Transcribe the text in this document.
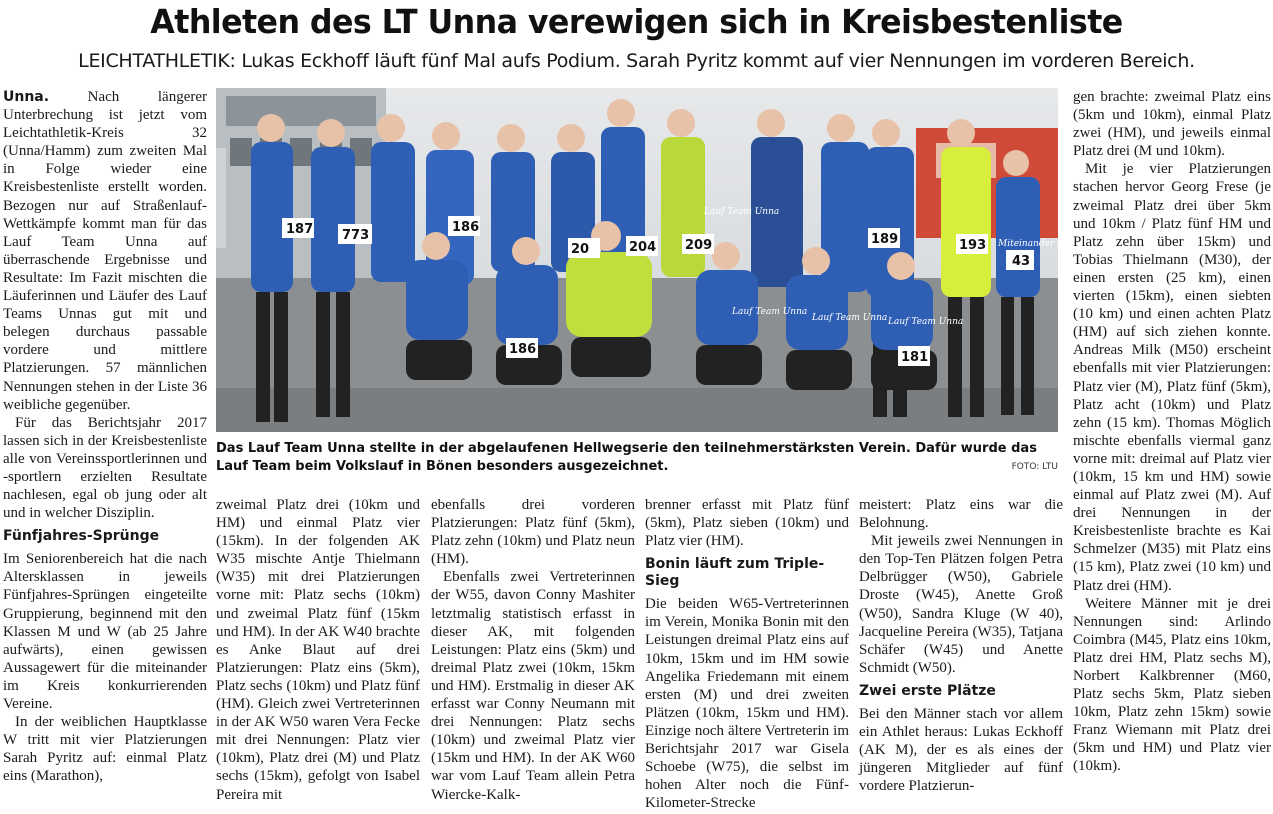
Athleten des LT Unna verewigen sich in Kreisbestenliste
LEICHTATHLETIK: Lukas Eckhoff läuft fünf Mal aufs Podium. Sarah Pyritz kommt auf vier Nennungen im vorderen Bereich.

Unna.	Nach längerer Unterbrechung ist jetzt vom Leichtathletik-Kreis 32 (Unna/Hamm) zum zweiten Mal in Folge wieder eine Kreisbestenliste erstellt worden. Bezogen nur auf Straßenlauf-Wettkämpfe kommt man für das Lauf Team Unna auf überraschende Ergebnisse und Resultate: Im Fazit mischten die Läuferinnen und Läufer des Lauf Teams Unnas gut mit und belegen durchaus passable vordere und mittlere Platzierungen. 57 männlichen Nennungen stehen in der Liste 36 weibliche gegenüber.

Für das Berichtsjahr 2017 lassen sich in der Kreisbestenliste alle von Vereinssportlerinnen und -sportlern erzielten Resultate nachlesen, egal ob jung oder alt und in welcher Disziplin.

Fünfjahres-Sprünge

Im Seniorenbereich hat die nach Altersklassen in jeweils Fünfjahres-Sprüngen eingeteilte Gruppierung, beginnend mit den Klassen M und W (ab 25 Jahre aufwärts), einen gewissen Aussagewert für die miteinander im Kreis konkurrierenden Vereine.

In der weiblichen Hauptklasse W tritt mit vier Platzierungen Sarah Pyritz auf: einmal Platz eins (Marathon),

187 773
186
20	204 209	189	193
43
186
181
Lauf Team Unna
Lauf Team Unna
Lauf Team Unna Lauf Team Unna
Miteinander Stark
Das Lauf Team Unna stellte in der abgelaufenen Hellwegserie den teilnehmerstärksten Verein. Dafür wurde das Lauf Team beim Volkslauf in Bönen besonders ausgezeichnet.	FOTO: LTU

zweimal Platz drei (10km und HM) und einmal Platz vier (15km). In der folgenden AK W35 mischte Antje Thielmann (W35) mit drei Platzierungen vorne mit: Platz sechs (10km) und zweimal Platz fünf (15km und HM). In der AK W40 brachte es Anke Blaut auf drei Platzierungen: Platz eins (5km), Platz sechs (10km) und Platz fünf (HM). Gleich zwei Vertreterinnen in der AK W50 waren Vera Fecke mit drei Nennungen: Platz vier (10km), Platz drei (M) und Platz sechs (15km), gefolgt von Isabel Pereira mit

ebenfalls drei vorderen Platzierungen: Platz fünf (5km), Platz zehn (10km) und Platz neun (HM).

Ebenfalls zwei Vertreterinnen der W55, davon Conny Mashiter letztmalig statistisch erfasst in dieser AK, mit folgenden Leistungen: Platz eins (5km) und dreimal Platz zwei (10km, 15km und HM). Erstmalig in dieser AK erfasst war Conny Neumann mit drei Nennungen: Platz sechs (10km) und zweimal Platz vier (15km und HM). In der AK W60 war vom Lauf Team allein Petra Wiercke-Kalk-

brenner erfasst mit Platz fünf (5km), Platz sieben (10km) und Platz vier (HM).

Bonin läuft zum Triple-Sieg

Die beiden W65-Vertreterinnen im Verein, Monika Bonin mit den Leistungen dreimal Platz eins auf 10km, 15km und im HM sowie Angelika Friedemann mit einem ersten (M) und drei zweiten Plätzen (10km, 15km und HM). Einzige noch ältere Vertreterin im Berichtsjahr 2017 war Gisela Schoebe (W75), die selbst im hohen Alter noch die Fünf-Kilometer-Strecke

meistert: Platz eins war die Belohnung.

Mit jeweils zwei Nennungen in den Top-Ten Plätzen folgen Petra Delbrügger (W50), Gabriele Droste (W45), Anette Groß (W50), Sandra Kluge (W 40), Jacqueline Pereira (W35), Tatjana Schäfer (W45) und Anette Schmidt (W50).

Zwei erste Plätze

Bei den Männer stach vor allem ein Athlet heraus: Lukas Eckhoff (AK M), der es als eines der jüngeren Mitglieder auf fünf vordere Platzierun-

gen brachte: zweimal Platz eins (5km und 10km), einmal Platz zwei (HM), und jeweils einmal Platz drei (M und 10km).

Mit je vier Platzierungen stachen hervor Georg Frese (je zweimal Platz drei über 5km und 10km / Platz fünf HM und Platz zehn über 15km) und Tobias Thielmann (M30), der einen ersten (25 km), einen vierten (15km), einen siebten (10 km) und einen achten Platz (HM) auf sich ziehen konnte. Andreas Milk (M50) erscheint ebenfalls mit vier Platzierungen: Platz vier (M), Platz fünf (5km), Platz acht (10km) und Platz zehn (15 km). Thomas Möglich mischte ebenfalls viermal ganz vorne mit: dreimal auf Platz vier (10km, 15 km und HM) sowie einmal auf Platz zwei (M). Auf drei Nennungen in der Kreisbestenliste brachte es Kai Schmelzer (M35) mit Platz eins (15 km), Platz zwei (10 km) und Platz drei (HM).

Weitere Männer mit je drei Nennungen sind: Arlindo Coimbra (M45, Platz eins 10km, Platz drei HM, Platz sechs M), Norbert Kalkbrenner (M60, Platz sechs 5km, Platz sieben 10km, Platz zehn 15km) sowie Franz Wiemann mit Platz drei (5km und HM) und Platz vier (10km).
